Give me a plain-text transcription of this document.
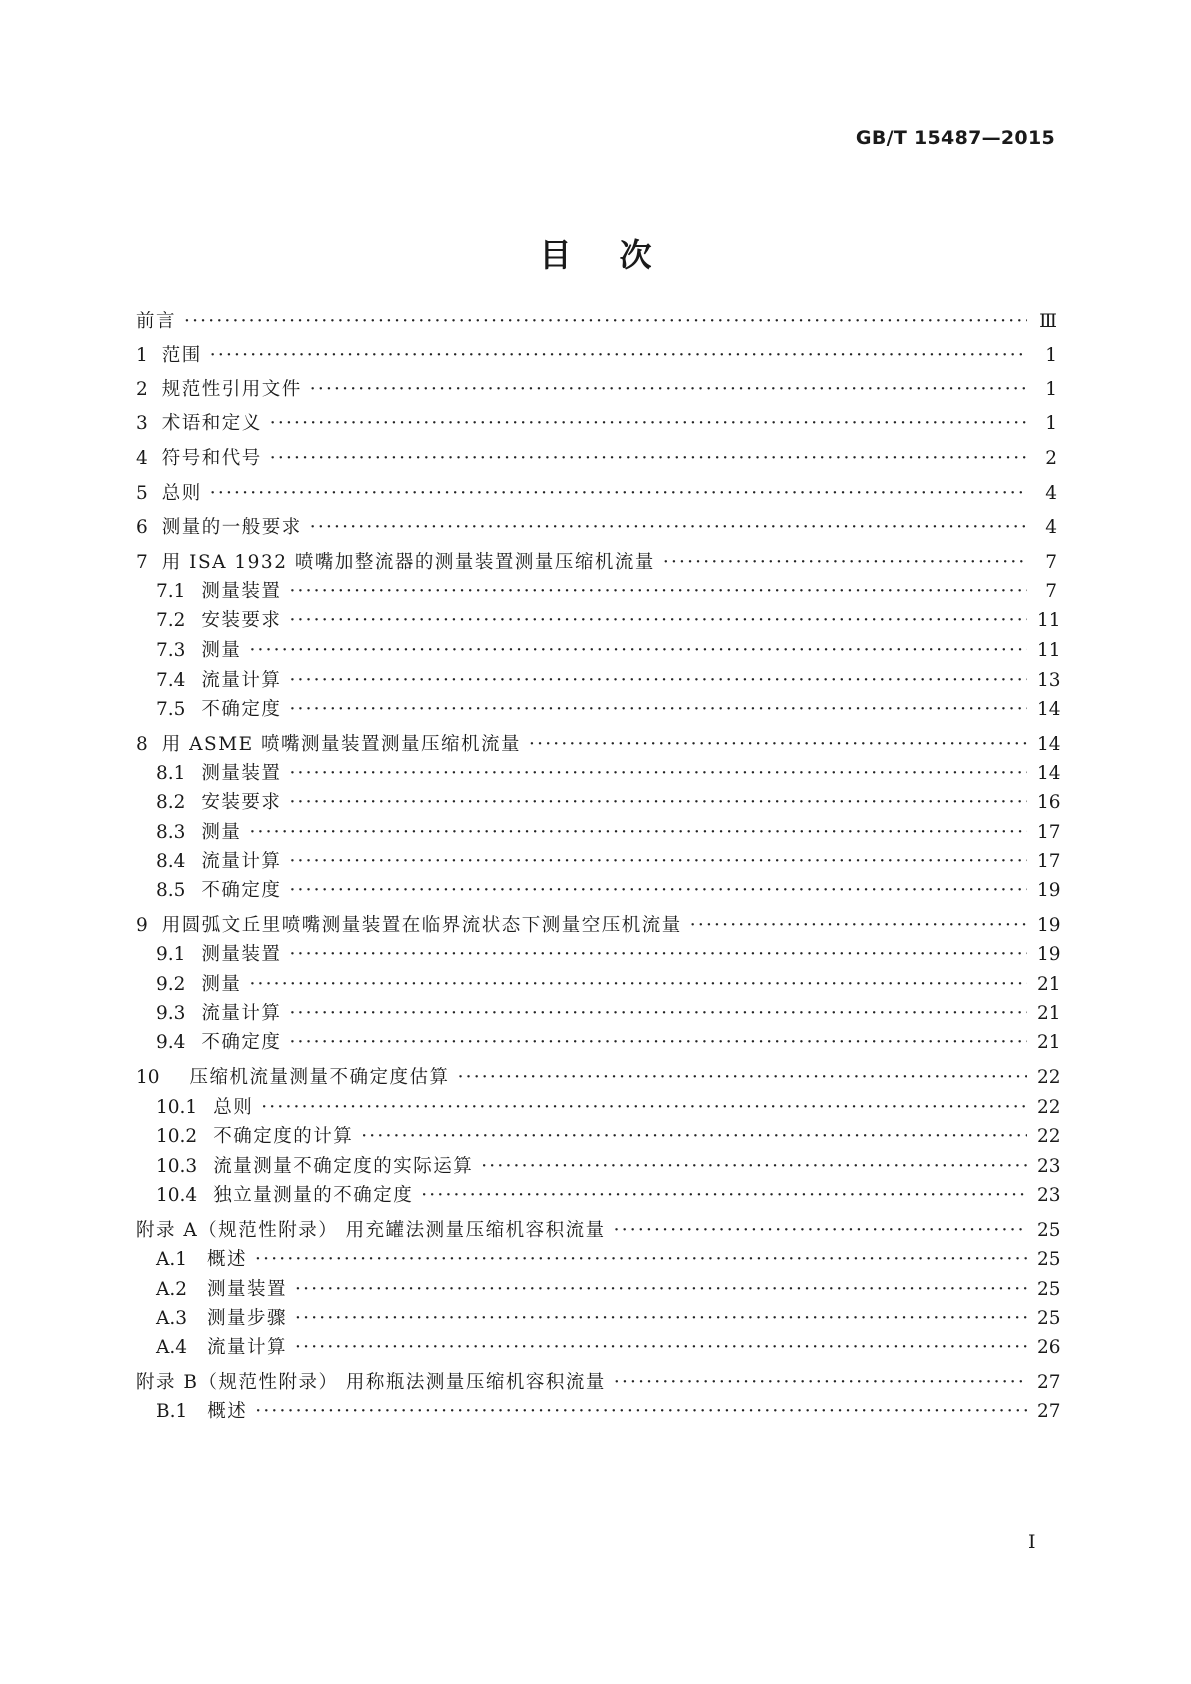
GB/T 15487—2015
目次
前言 ·····	Ⅲ
1 范围 ·····	1
2 规范性引用文件 ·····	1
3 术语和定义 ·····	1
4 符号和代号 ·····	2
5 总则 ·····	4
6 测量的一般要求 ·····	4
7 用 ISA 1932 喷嘴加整流器的测量装置测量压缩机流量 ·····	7
7.1 测量装置 ·····	7
7.2 安装要求 ·····	11
7.3 测量 ·····	11
7.4 流量计算 ·····	13
7.5 不确定度 ·····	14
8 用 ASME 喷嘴测量装置测量压缩机流量 ·····	14
8.1 测量装置 ·····	14
8.2 安装要求 ·····	16
8.3 测量 ·····	17
8.4 流量计算 ·····	17
8.5 不确定度 ·····	19
9 用圆弧文丘里喷嘴测量装置在临界流状态下测量空压机流量 ·····	19
9.1 测量装置 ·····	19
9.2 测量 ·····	21
9.3 流量计算 ·····	21
9.4 不确定度 ·····	21
10 压缩机流量测量不确定度估算 ·····	22
10.1 总则 ·····	22
10.2 不确定度的计算 ·····	22
10.3 流量测量不确定度的实际运算 ·····	23
10.4 独立量测量的不确定度 ·····	23
附录 A（规范性附录） 用充罐法测量压缩机容积流量 ·····	25
A.1 概述 ·····	25
A.2 测量装置 ·····	25
A.3 测量步骤 ·····	25
A.4 流量计算 ·····	26
附录 B（规范性附录） 用称瓶法测量压缩机容积流量 ·····	27
B.1 概述 ·····	27
I
